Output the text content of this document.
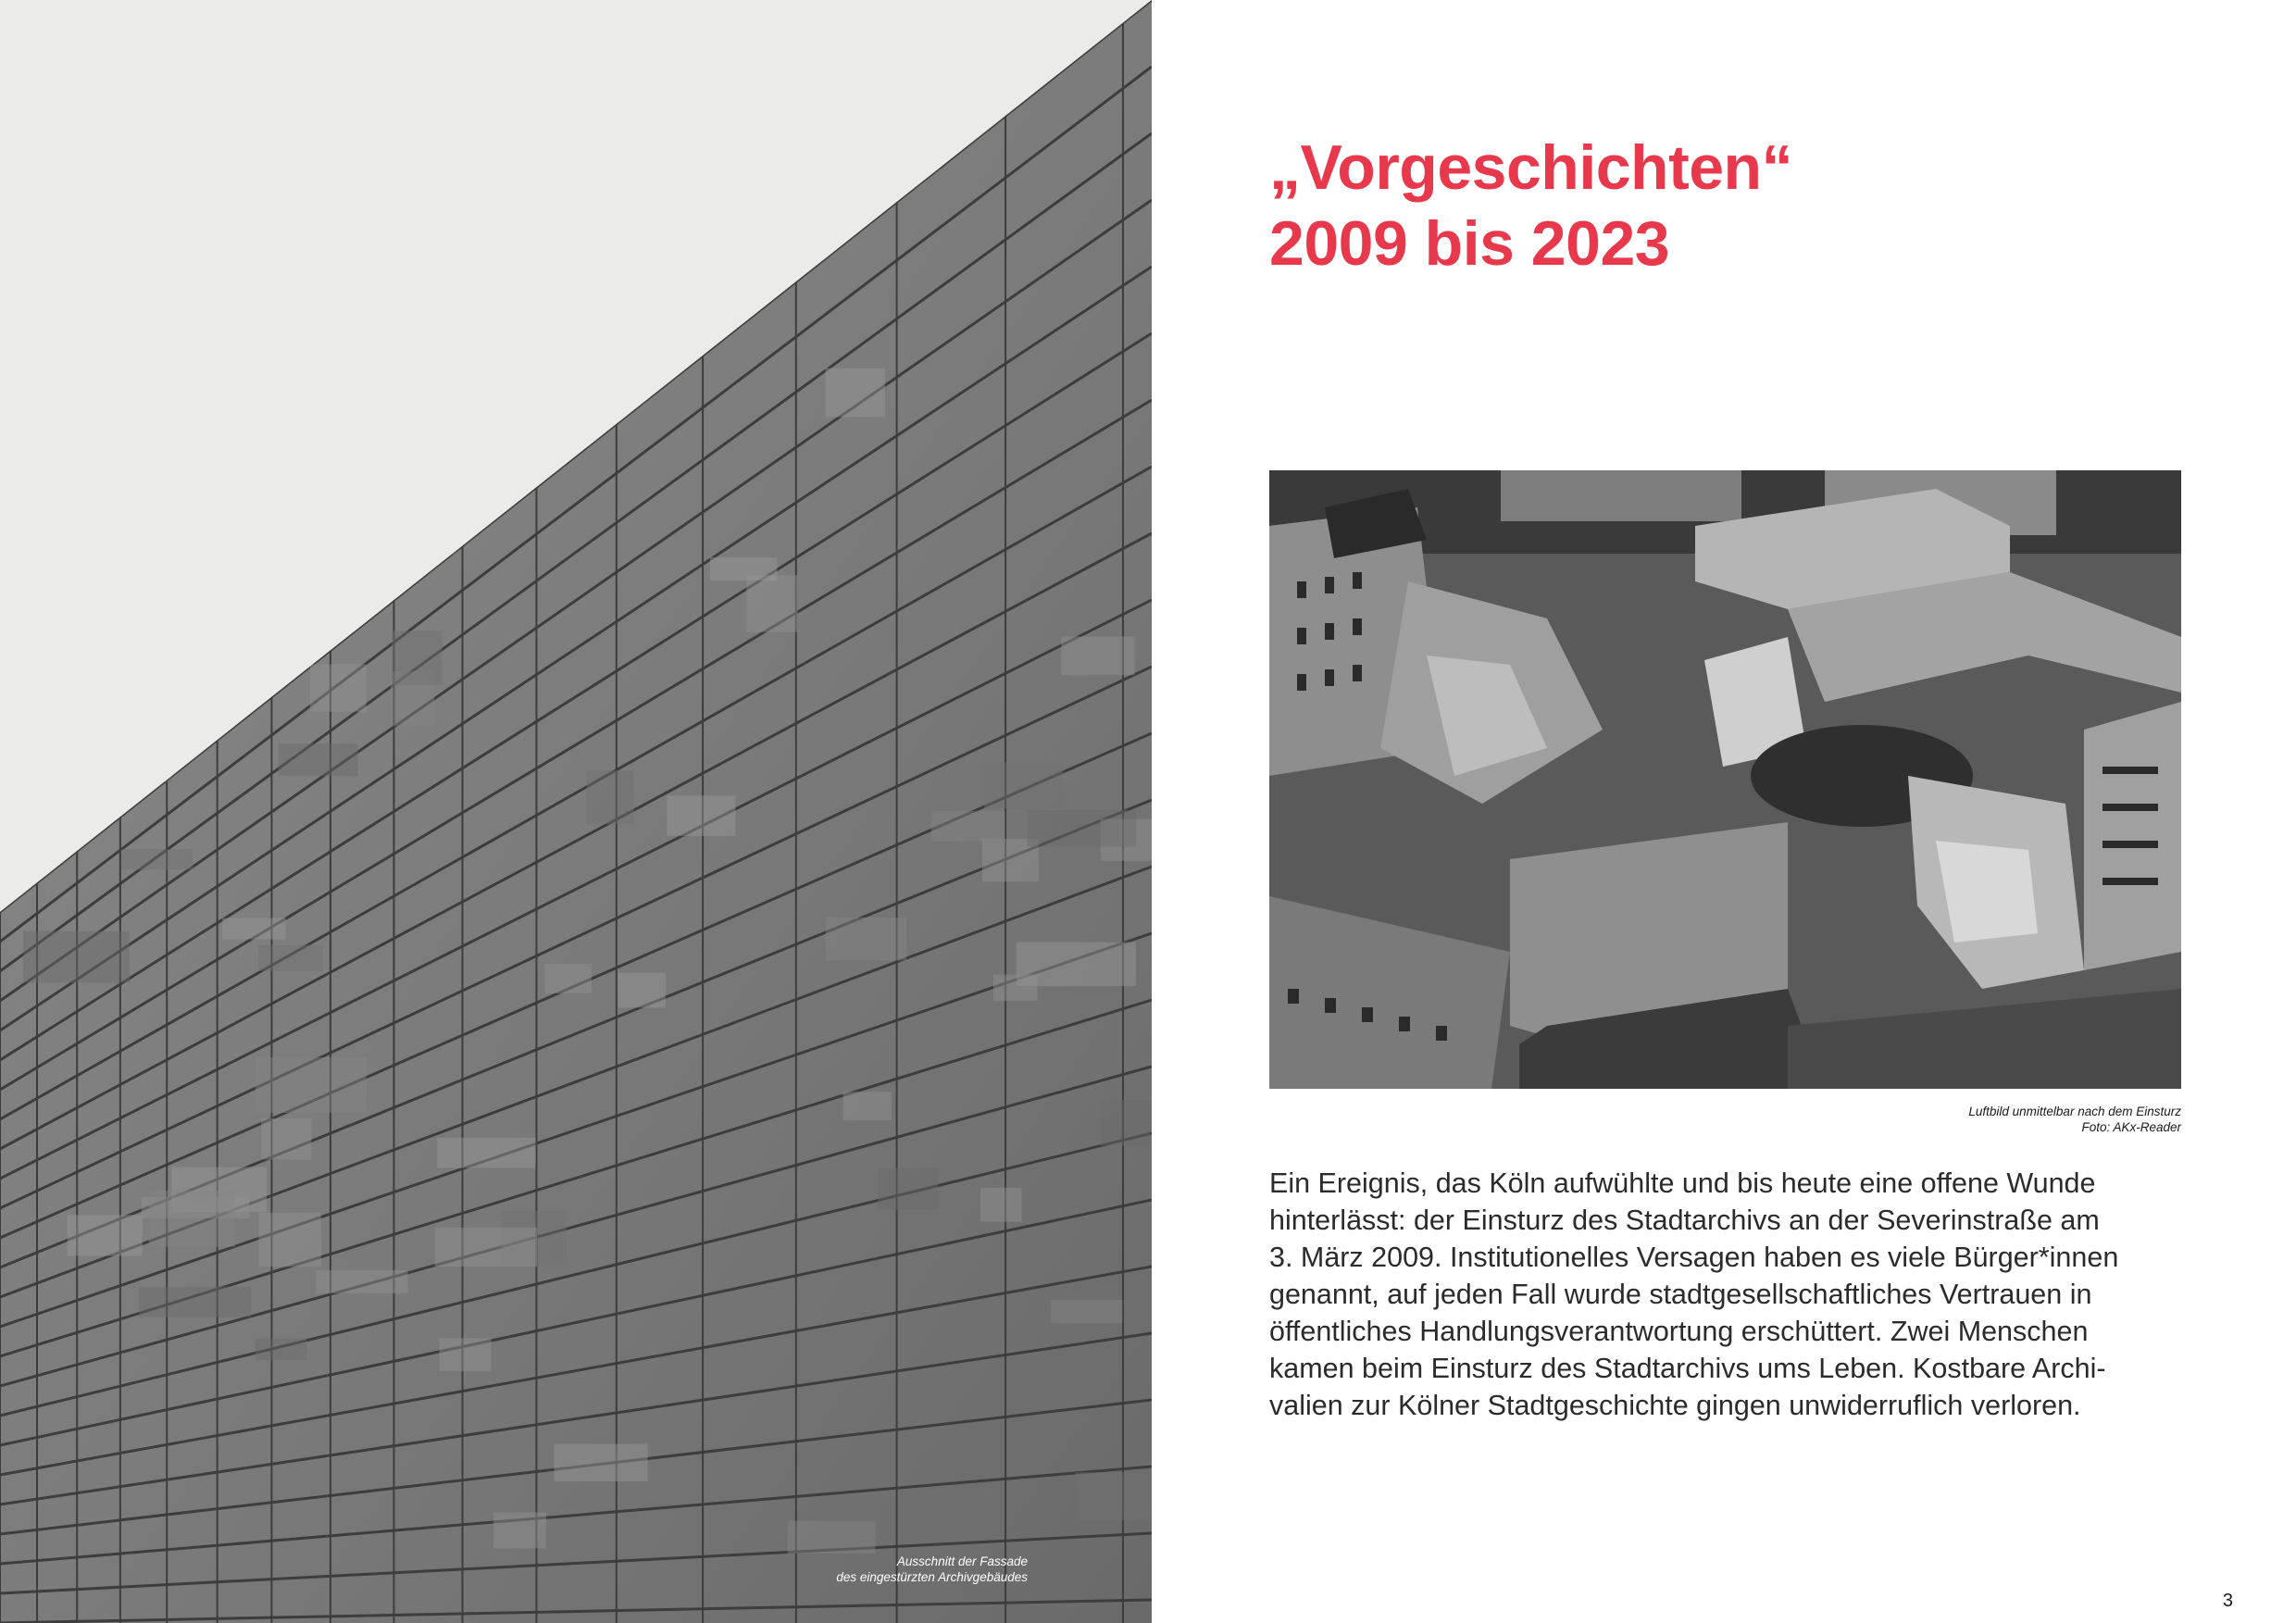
Ausschnitt der Fassade
des eingestürzten Archivgebäudes
„Vorgeschichten“
2009 bis 2023
Luftbild unmittelbar nach dem Einsturz
Foto: AKx-Reader
Ein Ereignis, das Köln aufwühlte und bis heute eine offene Wunde
hinterlässt: der Einsturz des Stadtarchivs an der Severinstraße am
3. März 2009. Institutionelles Versagen haben es viele Bürger*innen
genannt, auf jeden Fall wurde stadtgesellschaftliches Vertrauen in
öffentliches Handlungsverantwortung erschüttert. Zwei Menschen
kamen beim Einsturz des Stadtarchivs ums Leben. Kostbare Archi-
valien zur Kölner Stadtgeschichte gingen unwiderruflich verloren.
3
